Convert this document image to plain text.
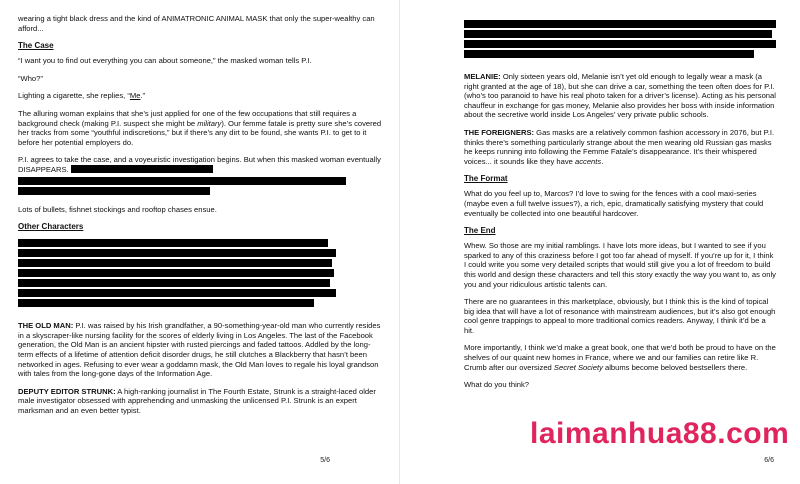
wearing a tight black dress and the kind of ANIMATRONIC ANIMAL MASK that only the super-wealthy can afford...

The Case

“I want you to find out everything you can about someone,” the masked woman tells P.I.

“Who?”

Lighting a cigarette, she replies, “Me.”

The alluring woman explains that she’s just applied for one of the few occupations that still requires a background check (making P.I. suspect she might be military). Our femme fatale is pretty sure she’s covered her tracks from some “youthful indiscretions,” but if there’s any dirt to be found, she wants P.I. to get to it before her potential employers do.

P.I. agrees to take the case, and a voyeuristic investigation begins. But when this masked woman eventually DISAPPEARS.

Lots of bullets, fishnet stockings and rooftop chases ensue.

Other Characters

THE OLD MAN: P.I. was raised by his Irish grandfather, a 90-something-year-old man who currently resides in a skyscraper-like nursing facility for the scores of elderly living in Los Angeles. The last of the Facebook generation, the Old Man is an ancient hipster with rusted piercings and faded tattoos. Addled by the long-term effects of a lifetime of attention deficit disorder drugs, he still clutches a Blackberry that hasn’t been networked in ages. Refusing to ever wear a goddamn mask, the Old Man loves to regale his loyal grandson with tales from the long-gone days of the Information Age.

DEPUTY EDITOR STRUNK: A high-ranking journalist in The Fourth Estate, Strunk is a straight-laced older male investigator obsessed with apprehending and unmasking the unlicensed P.I. Strunk is an expert marksman and an even better typist.

5/6

MELANIE: Only sixteen years old, Melanie isn’t yet old enough to legally wear a mask (a right granted at the age of 18), but she can drive a car, something the teen often does for P.I. (who’s too paranoid to have his real photo taken for a driver’s license). Acting as his personal chauffeur in exchange for gas money, Melanie also provides her boss with inside information about the secretive world inside Los Angeles’ very private public schools.

THE FOREIGNERS: Gas masks are a relatively common fashion accessory in 2076, but P.I. thinks there’s something particularly strange about the men wearing old Russian gas masks he keeps running into following the Femme Fatale’s disappearance. It’s their whispered voices... it sounds like they have accents.

The Format

What do you feel up to, Marcos? I’d love to swing for the fences with a cool maxi-series (maybe even a full twelve issues?), a rich, epic, dramatically satisfying mystery that could eventually be collected into one beautiful hardcover.

The End

Whew. So those are my initial ramblings. I have lots more ideas, but I wanted to see if you sparked to any of this craziness before I got too far ahead of myself. If you’re up for it, I think I could write you some very detailed scripts that would still give you a lot of freedom to build this world and design these characters and tell this story exactly the way you want to, as only you and your ridiculous artistic talents can.

There are no guarantees in this marketplace, obviously, but I think this is the kind of topical big idea that will have a lot of resonance with mainstream audiences, but it’s also got enough cool genre trappings to appeal to more traditional comics readers. Anyway, I think it’d be a hit.

More importantly, I think we’d make a great book, one that we’d both be proud to have on the shelves of our quaint new homes in France, where we and our families can retire like R. Crumb after our oversized Secret Society albums become beloved bestsellers there.

What do you think?

6/6
laimanhua88.com
